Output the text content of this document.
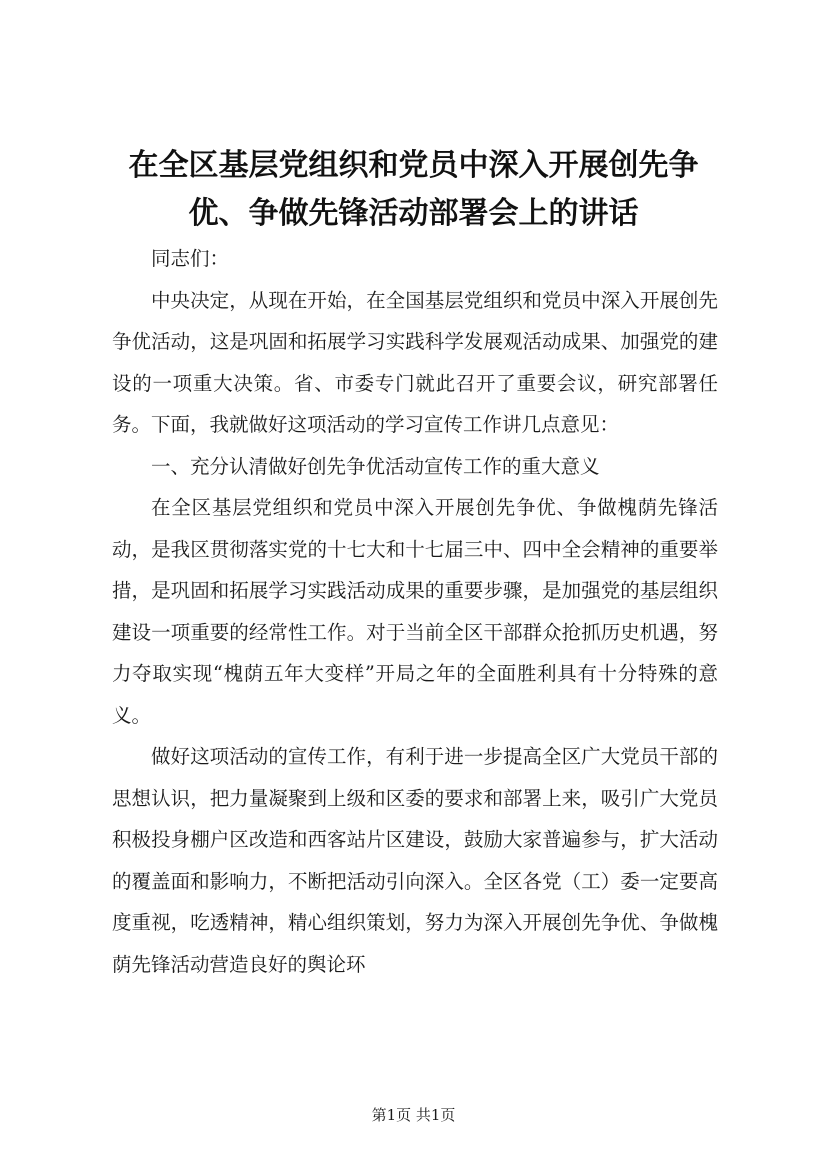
在全区基层党组织和党员中深入开展创先争
优、争做先锋活动部署会上的讲话

同志们：

中央决定，从现在开始，在全国基层党组织和党员中深入开展创先争优活动，这是巩固和拓展学习实践科学发展观活动成果、加强党的建设的一项重大决策。省、市委专门就此召开了重要会议，研究部署任务。下面，我就做好这项活动的学习宣传工作讲几点意见：

一、充分认清做好创先争优活动宣传工作的重大意义

在全区基层党组织和党员中深入开展创先争优、争做槐荫先锋活动，是我区贯彻落实党的十七大和十七届三中、四中全会精神的重要举措，是巩固和拓展学习实践活动成果的重要步骤，是加强党的基层组织建设一项重要的经常性工作。对于当前全区干部群众抢抓历史机遇，努力夺取实现“槐荫五年大变样”开局之年的全面胜利具有十分特殊的意义。

做好这项活动的宣传工作，有利于进一步提高全区广大党员干部的思想认识，把力量凝聚到上级和区委的要求和部署上来，吸引广大党员积极投身棚户区改造和西客站片区建设，鼓励大家普遍参与，扩大活动的覆盖面和影响力，不断把活动引向深入。全区各党（工）委一定要高度重视，吃透精神，精心组织策划，努力为深入开展创先争优、争做槐荫先锋活动营造良好的舆论环

第1页 共1页
